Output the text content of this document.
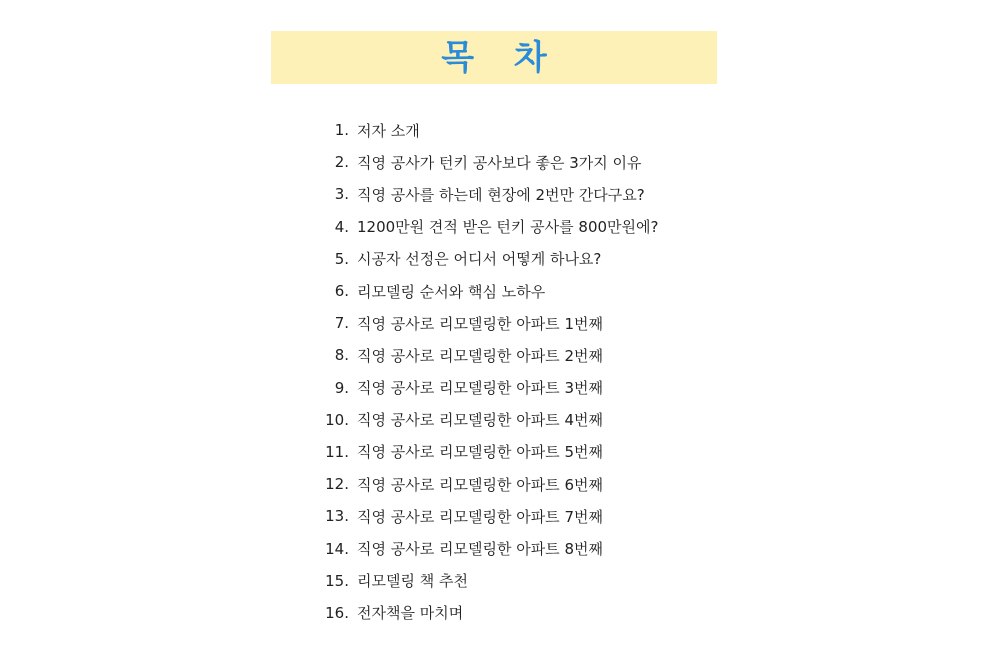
목 차
1. 저자 소개
2. 직영 공사가 턴키 공사보다 좋은 3가지 이유
3. 직영 공사를 하는데 현장에 2번만 간다구요?
4. 1200만원 견적 받은 턴키 공사를 800만원에?
5. 시공자 선정은 어디서 어떻게 하나요?
6. 리모델링 순서와 핵심 노하우
7. 직영 공사로 리모델링한 아파트 1번째
8. 직영 공사로 리모델링한 아파트 2번째
9. 직영 공사로 리모델링한 아파트 3번째
10. 직영 공사로 리모델링한 아파트 4번째
11. 직영 공사로 리모델링한 아파트 5번째
12. 직영 공사로 리모델링한 아파트 6번째
13. 직영 공사로 리모델링한 아파트 7번째
14. 직영 공사로 리모델링한 아파트 8번째
15. 리모델링 책 추천
16. 전자책을 마치며
